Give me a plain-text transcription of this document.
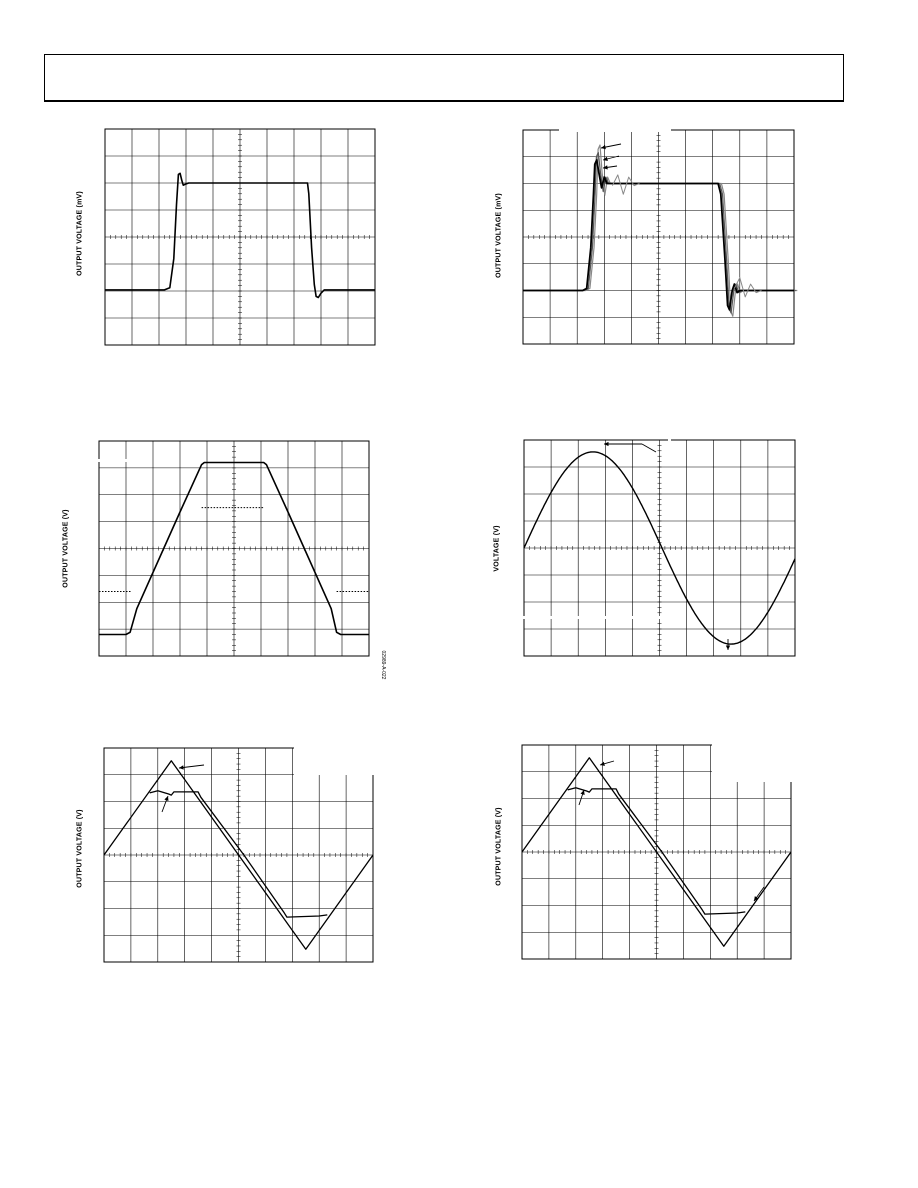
OUTPUT VOLTAGE (mV)	OUTPUT VOLTAGE (mV)
OUTPUT VOLTAGE (V)
02989-A-022
VOLTAGE (V)
OUTPUT VOLTAGE (V)	OUTPUT VOLTAGE (V)
